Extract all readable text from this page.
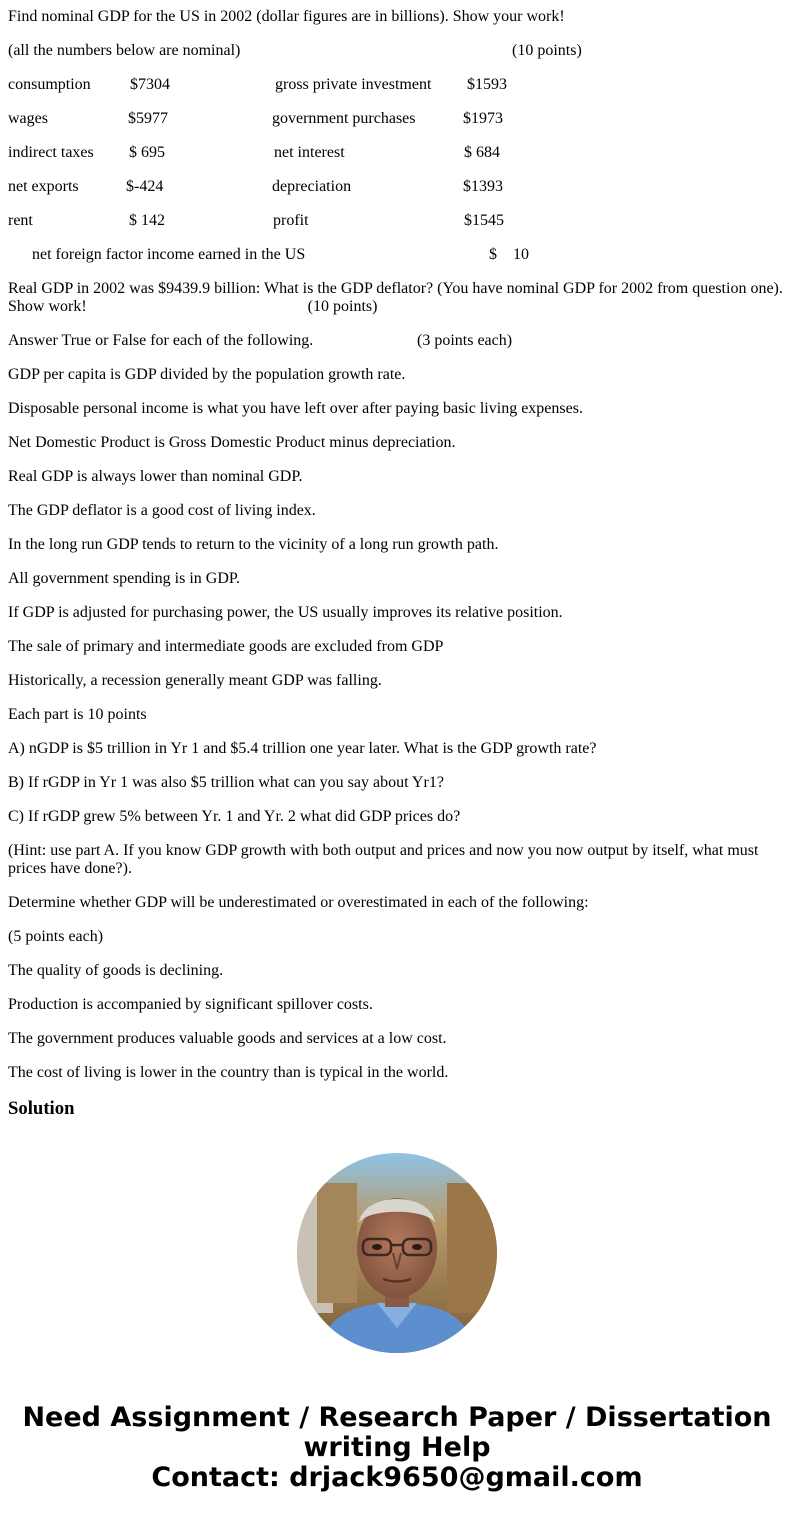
Find nominal GDP for the US in 2002 (dollar figures are in billions). Show your work!

(all the numbers below are nominal)	(10 points)
consumption $7304	gross private investment $1593
wages	$5977	government purchases	$1973
indirect taxes $ 695	net interest	$ 684
net exports	$-424	depreciation	$1393
rent	$ 142	profit	$1545
net foreign factor income earned in the US	$ 10

Real GDP in 2002 was $9439.9 billion: What is the GDP deflator? (You have nominal GDP for 2002 from question one). Show work!	(10 points)

Answer True or False for each of the following.	(3 points each)

GDP per capita is GDP divided by the population growth rate.

Disposable personal income is what you have left over after paying basic living expenses.

Net Domestic Product is Gross Domestic Product minus depreciation.

Real GDP is always lower than nominal GDP.

The GDP deflator is a good cost of living index.

In the long run GDP tends to return to the vicinity of a long run growth path.

All government spending is in GDP.

If GDP is adjusted for purchasing power, the US usually improves its relative position.

The sale of primary and intermediate goods are excluded from GDP

Historically, a recession generally meant GDP was falling.

Each part is 10 points

A) nGDP is $5 trillion in Yr 1 and $5.4 trillion one year later. What is the GDP growth rate?

B) If rGDP in Yr 1 was also $5 trillion what can you say about Yr1?

C) If rGDP grew 5% between Yr. 1 and Yr. 2 what did GDP prices do?

(Hint: use part A. If you know GDP growth with both output and prices and now you now output by itself, what must prices have done?).

Determine whether GDP will be underestimated or overestimated in each of the following:

(5 points each)

The quality of goods is declining.

Production is accompanied by significant spillover costs.

The government produces valuable goods and services at a low cost.

The cost of living is lower in the country than is typical in the world.

Solution
Need Assignment / Research Paper / Dissertation
writing Help
Contact: drjack9650@gmail.com
